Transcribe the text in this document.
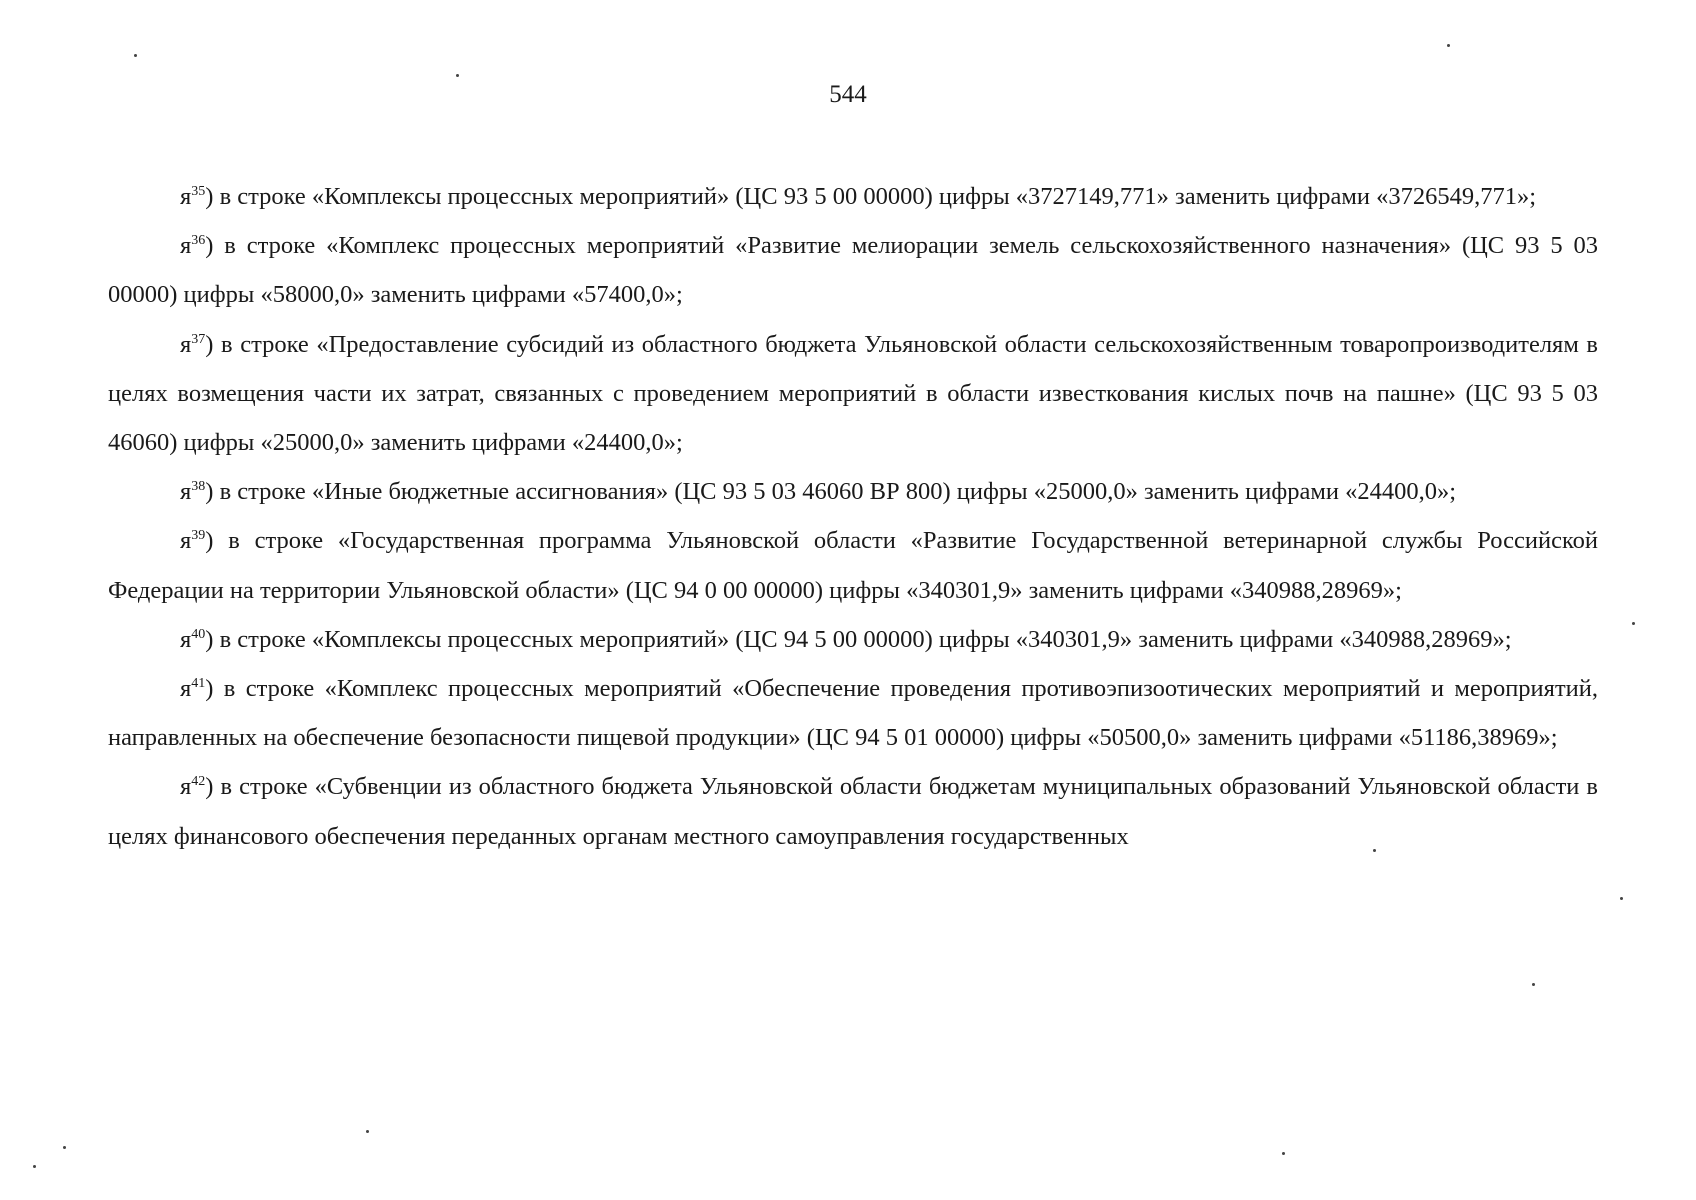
544

$я^{35}$) в строке «Комплексы процессных мероприятий» (ЦС 93 5 00 00000) цифры «3727149,771» заменить цифрами «3726549,771»;

$я^{36}$) в строке «Комплекс процессных мероприятий «Развитие мелиорации земель сельскохозяйственного назначения» (ЦС 93 5 03 00000) цифры «58000,0» заменить цифрами «57400,0»;

$я^{37}$) в строке «Предоставление субсидий из областного бюджета Ульяновской области сельскохозяйственным товаропроизводителям в целях возмещения части их затрат, связанных с проведением мероприятий в области известкования кислых почв на пашне» (ЦС 93 5 03 46060) цифры «25000,0» заменить цифрами «24400,0»;

$я^{38}$) в строке «Иные бюджетные ассигнования» (ЦС 93 5 03 46060 ВР 800) цифры «25000,0» заменить цифрами «24400,0»;

$я^{39}$) в строке «Государственная программа Ульяновской области «Развитие Государственной ветеринарной службы Российской Федерации на территории Ульяновской области» (ЦС 94 0 00 00000) цифры «340301,9» заменить цифрами «340988,28969»;

$я^{40}$) в строке «Комплексы процессных мероприятий» (ЦС 94 5 00 00000) цифры «340301,9» заменить цифрами «340988,28969»;

$я^{41}$) в строке «Комплекс процессных мероприятий «Обеспечение проведения противоэпизоотических мероприятий и мероприятий, направленных на обеспечение безопасности пищевой продукции» (ЦС 94 5 01 00000) цифры «50500,0» заменить цифрами «51186,38969»;

$я^{42}$) в строке «Субвенции из областного бюджета Ульяновской области бюджетам муниципальных образований Ульяновской области в целях финансового обеспечения переданных органам местного самоуправления государственных
